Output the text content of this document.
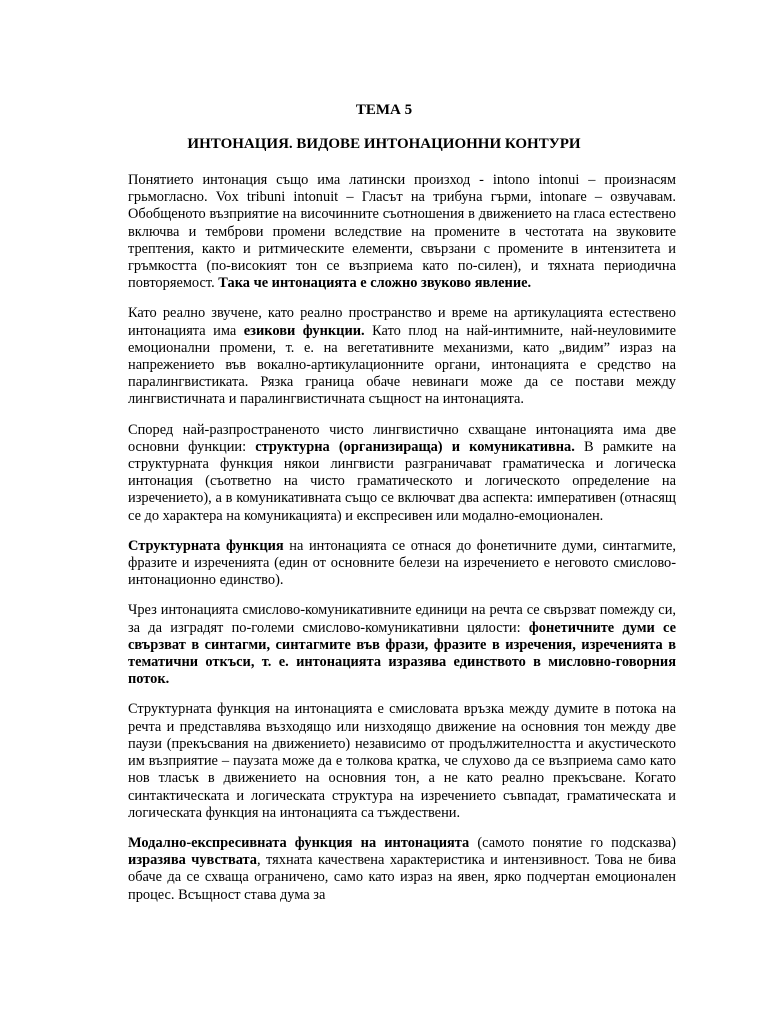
ТЕМА 5
ИНТОНАЦИЯ. ВИДОВЕ ИНТОНАЦИОННИ КОНТУРИ

Понятието интонация също има латински произход - intono intonui – произнасям грьмогласно. Vox tribuni intonuit – Гласът на трибуна гърми, intonare – озвучавам. Обобщеното възприятие на височинните съотношения в движението на гласа естествено включва и темброви промени вследствие на промените в честотата на звуковите трептения, както и ритмическите елементи, свързани с промените в интензитета и гръмкостта (по-високият тон се възприема като по-силен), и тяхната периодична повторяемост. Така че интонацията е сложно звуково явление.

Като реално звучене, като реално пространство и време на артикулацията естествено интонацията има езикови функции. Като плод на най-интимните, най-неуловимите емоционални промени, т. е. на вегетативните механизми, като „видим” израз на напрежението във вокално-артикулационните органи, интонацията е средство на паралингвистиката. Рязка граница обаче невинаги може да се постави между лингвистичната и паралингвистичната същност на интонацията.

Според най-разпространеното чисто лингвистично схващане интонацията има две основни функции: структурна (организираща) и комуникативна. В рамките на структурната функция някои лингвисти разграничават граматическа и логическа интонация (съответно на чисто граматическото и логическото определение на изречението), а в комуникативната също се включват два аспекта: императивен (отнасящ се до характера на комуникацията) и експресивен или модално-емоционален.

Структурната функция на интонацията се отнася до фонетичните думи, синтагмите, фразите и изреченията (един от основните белези на изречението е неговото смислово-интонационно единство).

Чрез интонацията смислово-комуникативните единици на речта се свързват помежду си, за да изградят по-големи смислово-комуникативни цялости: фонетичните думи се свързват в синтагми, синтагмите във фрази, фразите в изречения, изреченията в тематични откъси, т. е. интонацията изразява единството в мисловно-говорния поток.

Структурната функция на интонацията е смисловата връзка между думите в потока на речта и представлява възходящо или низходящо движение на основния тон между две паузи (прекъсвания на движението) независимо от продължителността и акустическото им възприятие – паузата може да е толкова кратка, че слухово да се възприема само като нов тласък в движението на основния тон, а не като реално прекъсване. Когато синтактическата и логическата структура на изречението съвпадат, граматическата и логическата функция на интонацията са тъждествени.

Модално-експресивната функция на интонацията (самото понятие го подсказва) изразява чувствата, тяхната качествена характеристика и интензивност. Това не бива обаче да се схваща ограничено, само като израз на явен, ярко подчертан емоционален процес. Всъщност става дума за
